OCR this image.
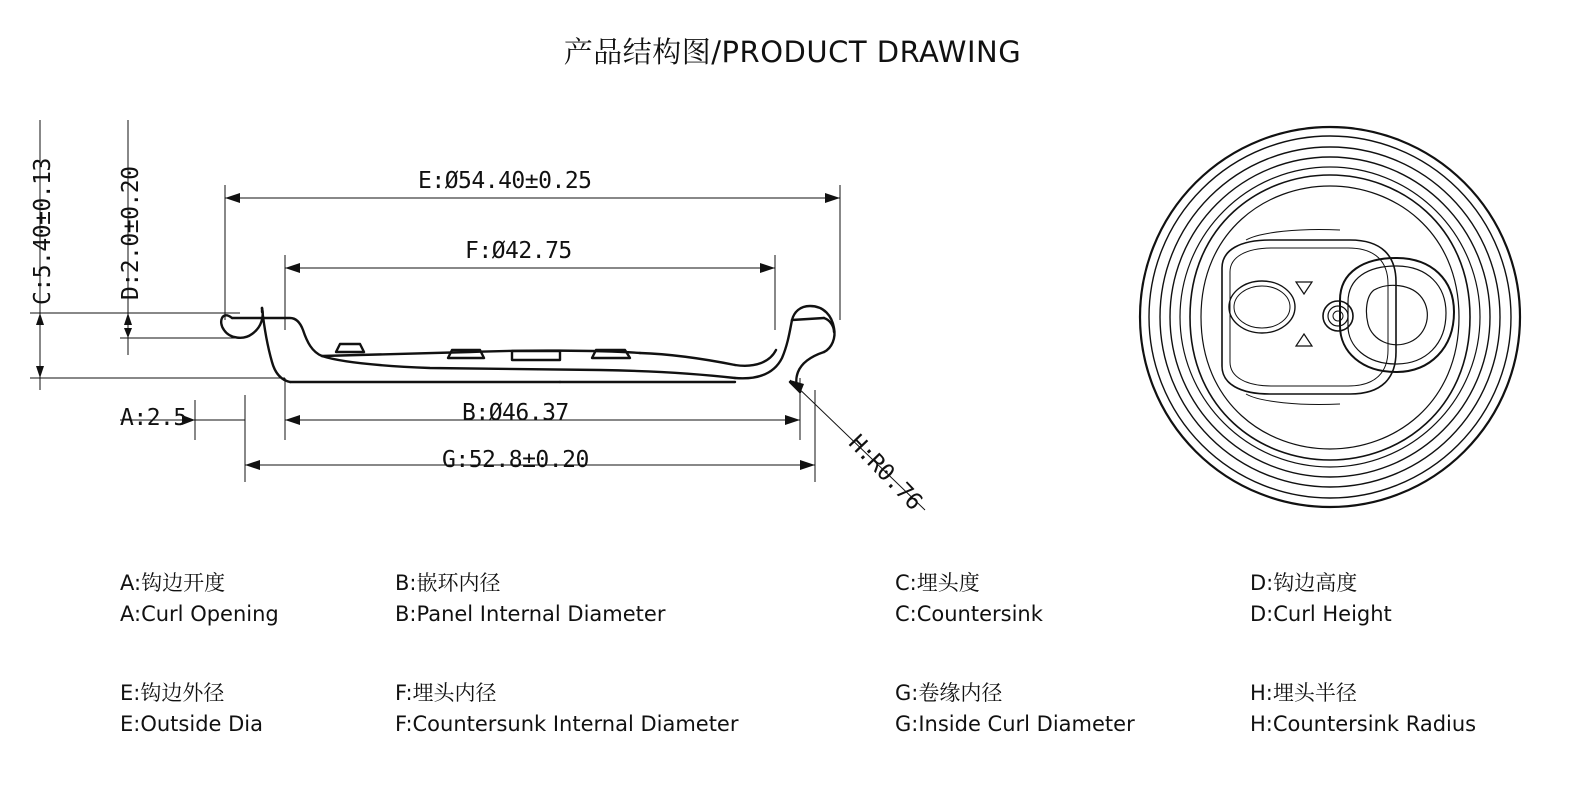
产品结构图/PRODUCT DRAWING
C:5.40±0.13	D:2.0±0.20	E:Ø54.40±0.25
F:Ø42.75
A:2.5	B:Ø46.37
G:52.8±0.20	H:R0.76
A:钩边开度
A:Curl Opening
B:嵌环内径
B:Panel Internal Diameter
C:埋头度
C:Countersink
D:钩边高度
D:Curl Height
E:钩边外径
E:Outside Dia
F:埋头内径
F:Countersunk Internal Diameter
G:卷缘内径
G:Inside Curl Diameter
H:埋头半径
H:Countersink Radius
